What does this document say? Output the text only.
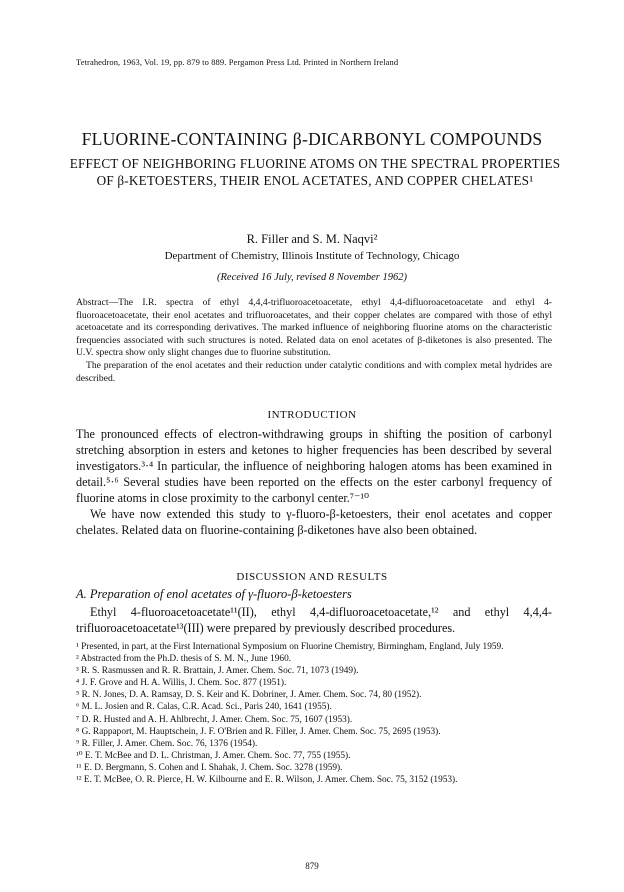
Tetrahedron, 1963, Vol. 19, pp. 879 to 889. Pergamon Press Ltd. Printed in Northern Ireland
FLUORINE-CONTAINING β-DICARBONYL COMPOUNDS
EFFECT OF NEIGHBORING FLUORINE ATOMS ON THE SPECTRAL PROPERTIES OF β-KETOESTERS, THEIR ENOL ACETATES, AND COPPER CHELATES¹
R. Filler and S. M. Naqvi²
Department of Chemistry, Illinois Institute of Technology, Chicago
(Received 16 July, revised 8 November 1962)

Abstract—The I.R. spectra of ethyl 4,4,4-trifluoroacetoacetate, ethyl 4,4-difluoroacetoacetate and ethyl 4-fluoroacetoacetate, their enol acetates and trifluoroacetates, and their copper chelates are compared with those of ethyl acetoacetate and its corresponding derivatives. The marked influence of neighboring fluorine atoms on the characteristic frequencies associated with such structures is noted. Related data on enol acetates of β-diketones is also presented. The U.V. spectra show only slight changes due to fluorine substitution.

The preparation of the enol acetates and their reduction under catalytic conditions and with complex metal hydrides are described.

INTRODUCTION

The pronounced effects of electron-withdrawing groups in shifting the position of carbonyl stretching absorption in esters and ketones to higher frequencies has been described by several investigators.³·⁴ In particular, the influence of neighboring halogen atoms has been examined in detail.⁵·⁶ Several studies have been reported on the effects on the ester carbonyl frequency of fluorine atoms in close proximity to the carbonyl center.⁷⁻¹⁰

We have now extended this study to γ-fluoro-β-ketoesters, their enol acetates and copper chelates. Related data on fluorine-containing β-diketones have also been obtained.

DISCUSSION AND RESULTS
A. Preparation of enol acetates of γ-fluoro-β-ketoesters

Ethyl 4-fluoroacetoacetate¹¹(II), ethyl 4,4-difluoroacetoacetate,¹² and ethyl 4,4,4-trifluoroacetoacetate¹³(III) were prepared by previously described procedures.

¹ Presented, in part, at the First International Symposium on Fluorine Chemistry, Birmingham, England, July 1959.

² Abstracted from the Ph.D. thesis of S. M. N., June 1960.

³ R. S. Rasmussen and R. R. Brattain, J. Amer. Chem. Soc. 71, 1073 (1949).

⁴ J. F. Grove and H. A. Willis, J. Chem. Soc. 877 (1951).

⁵ R. N. Jones, D. A. Ramsay, D. S. Keir and K. Dobriner, J. Amer. Chem. Soc. 74, 80 (1952).

⁶ M. L. Josien and R. Calas, C.R. Acad. Sci., Paris 240, 1641 (1955).

⁷ D. R. Husted and A. H. Ahlbrecht, J. Amer. Chem. Soc. 75, 1607 (1953).

⁸ G. Rappaport, M. Hauptschein, J. F. O'Brien and R. Filler, J. Amer. Chem. Soc. 75, 2695 (1953).

⁹ R. Filler, J. Amer. Chem. Soc. 76, 1376 (1954).

¹⁰ E. T. McBee and D. L. Christman, J. Amer. Chem. Soc. 77, 755 (1955).

¹¹ E. D. Bergmann, S. Cohen and I. Shahak, J. Chem. Soc. 3278 (1959).

¹² E. T. McBee, O. R. Pierce, H. W. Kilbourne and E. R. Wilson, J. Amer. Chem. Soc. 75, 3152 (1953).

879
